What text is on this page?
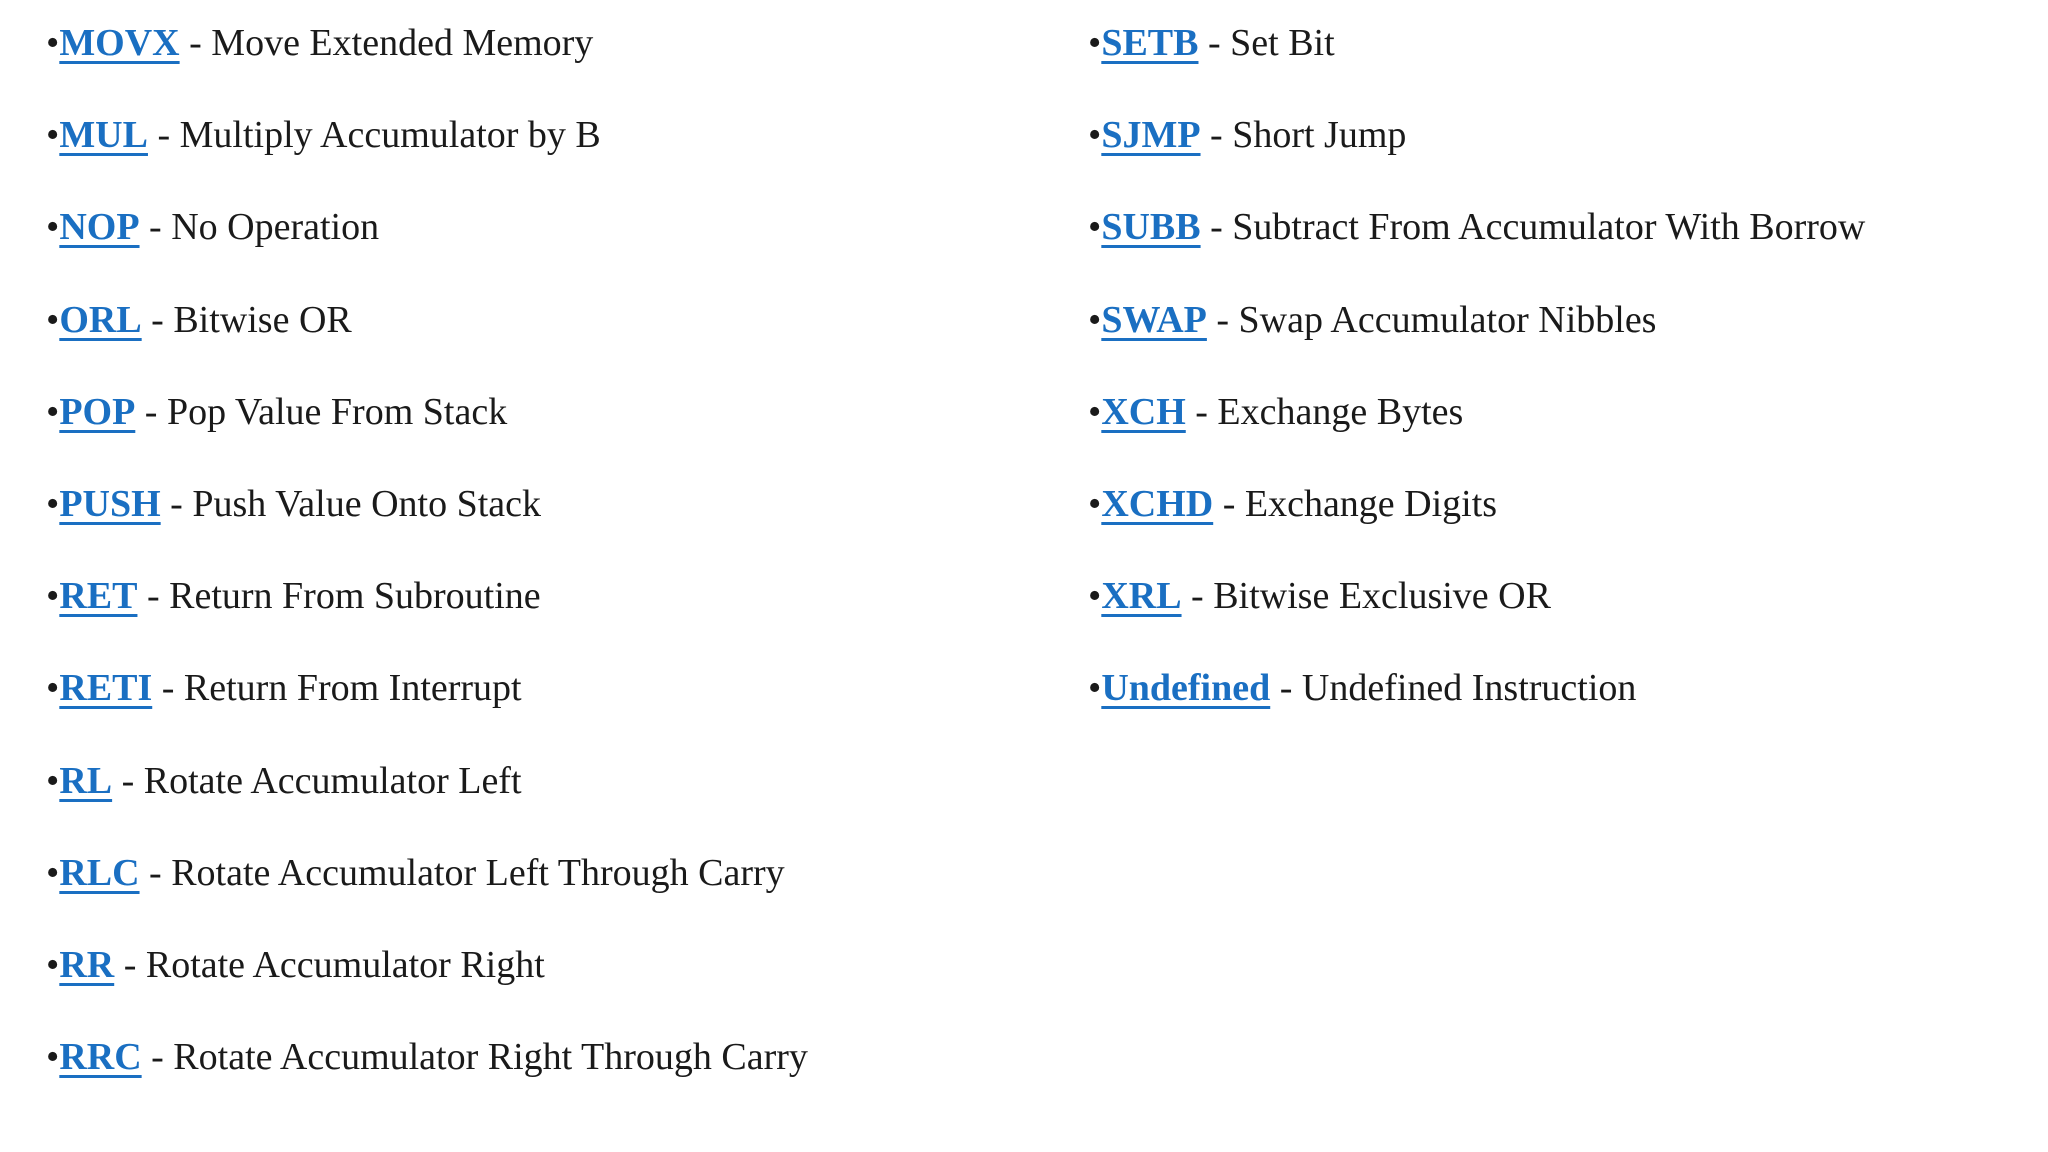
•MOVX - Move Extended Memory
•MUL - Multiply Accumulator by B
•NOP - No Operation
•ORL - Bitwise OR
•POP - Pop Value From Stack
•PUSH - Push Value Onto Stack
•RET - Return From Subroutine
•RETI - Return From Interrupt
•RL - Rotate Accumulator Left
•RLC - Rotate Accumulator Left Through Carry
•RR - Rotate Accumulator Right
•RRC - Rotate Accumulator Right Through Carry
•SETB - Set Bit
•SJMP - Short Jump
•SUBB - Subtract From Accumulator With Borrow
•SWAP - Swap Accumulator Nibbles
•XCH - Exchange Bytes
•XCHD - Exchange Digits
•XRL - Bitwise Exclusive OR
•Undefined - Undefined Instruction
